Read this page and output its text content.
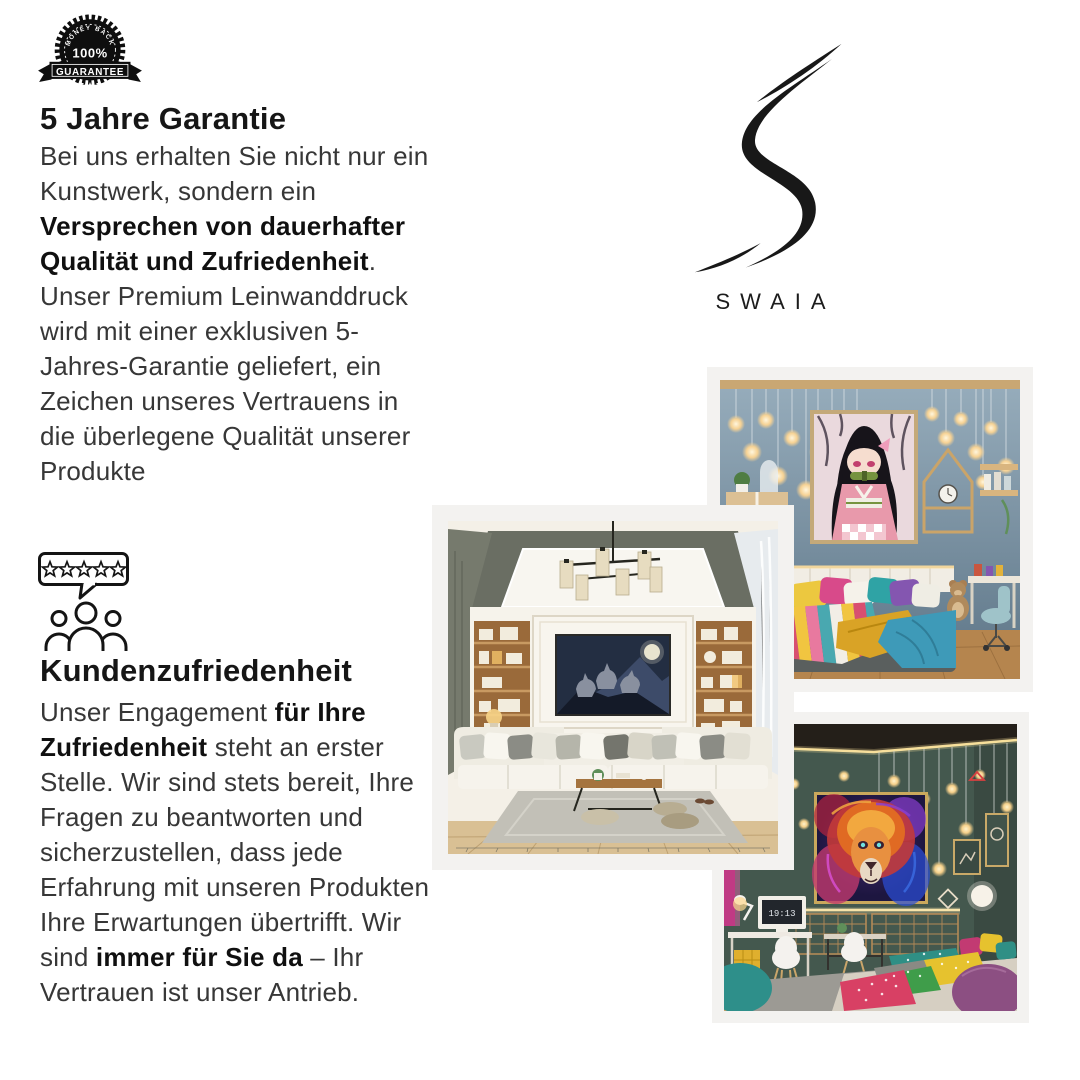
MONEY BACK
100%
GUARANTEE
5 Jahre Garantie
Bei uns erhalten Sie nicht nur ein Kunstwerk, sondern ein Versprechen von dauerhafter Qualität und Zufriedenheit. Unser Premium Leinwanddruck wird mit einer exklusiven 5-Jahres-Garantie geliefert, ein Zeichen unseres Vertrauens in die überlegene Qualität unserer Produkte
Kundenzufriedenheit
Unser Engagement für Ihre Zufriedenheit steht an erster Stelle. Wir sind stets bereit, Ihre Fragen zu beantworten und sicherzustellen, dass jede Erfahrung mit unseren Produkten Ihre Erwartungen übertrifft. Wir sind immer für Sie da – Ihr Vertrauen ist unser Antrieb.
SWAIA
19:13
